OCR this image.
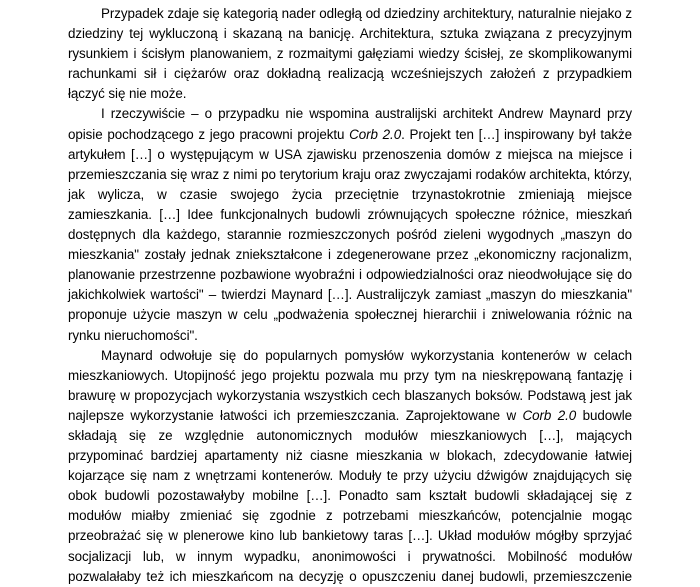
Przypadek zdaje się kategorią nader odległą od dziedziny architektury, naturalnie niejako z dziedziny tej wykluczoną i skazaną na banicję. Architektura, sztuka związana z precyzyjnym rysunkiem i ścisłym planowaniem, z rozmaitymi gałęziami wiedzy ścisłej, ze skomplikowanymi rachunkami sił i ciężarów oraz dokładną realizacją wcześniejszych założeń z przypadkiem łączyć się nie może.

I rzeczywiście – o przypadku nie wspomina australijski architekt Andrew Maynard przy opisie pochodzącego z jego pracowni projektu Corb 2.0. Projekt ten […] inspirowany był także artykułem […] o występującym w USA zjawisku przenoszenia domów z miejsca na miejsce i przemieszczania się wraz z nimi po terytorium kraju oraz zwyczajami rodaków architekta, którzy, jak wylicza, w czasie swojego życia przeciętnie trzynastokrotnie zmieniają miejsce zamieszkania. […] Idee funkcjonalnych budowli zrównujących społeczne różnice, mieszkań dostępnych dla każdego, starannie rozmieszczonych pośród zieleni wygodnych „maszyn do mieszkania" zostały jednak zniekształcone i zdegenerowane przez „ekonomiczny racjonalizm, planowanie przestrzenne pozbawione wyobraźni i odpowiedzialności oraz nieodwołujące się do jakichkolwiek wartości" – twierdzi Maynard […]. Australijczyk zamiast „maszyn do mieszkania" proponuje użycie maszyn w celu „podważenia społecznej hierarchii i zniwelowania różnic na rynku nieruchomości".

Maynard odwołuje się do popularnych pomysłów wykorzystania kontenerów w celach mieszkaniowych. Utopijność jego projektu pozwala mu przy tym na nieskrępowaną fantazję i brawurę w propozycjach wykorzystania wszystkich cech blaszanych boksów. Podstawą jest jak najlepsze wykorzystanie łatwości ich przemieszczania. Zaprojektowane w Corb 2.0 budowle składają się ze względnie autonomicznych modułów mieszkaniowych […], mających przypominać bardziej apartamenty niż ciasne mieszkania w blokach, zdecydowanie łatwiej kojarzące się nam z wnętrzami kontenerów. Moduły te przy użyciu dźwigów znajdujących się obok budowli pozostawałyby mobilne […]. Ponadto sam kształt budowli składającej się z modułów miałby zmieniać się zgodnie z potrzebami mieszkańców, potencjalnie mogąc przeobrażać się w plenerowe kino lub bankietowy taras […]. Układ modułów mógłby sprzyjać socjalizacji lub, w innym wypadku, anonimowości i prywatności. Mobilność modułów pozwalałaby też ich mieszkańcom na decyzję o opuszczeniu danej budowli, przemieszczenie
